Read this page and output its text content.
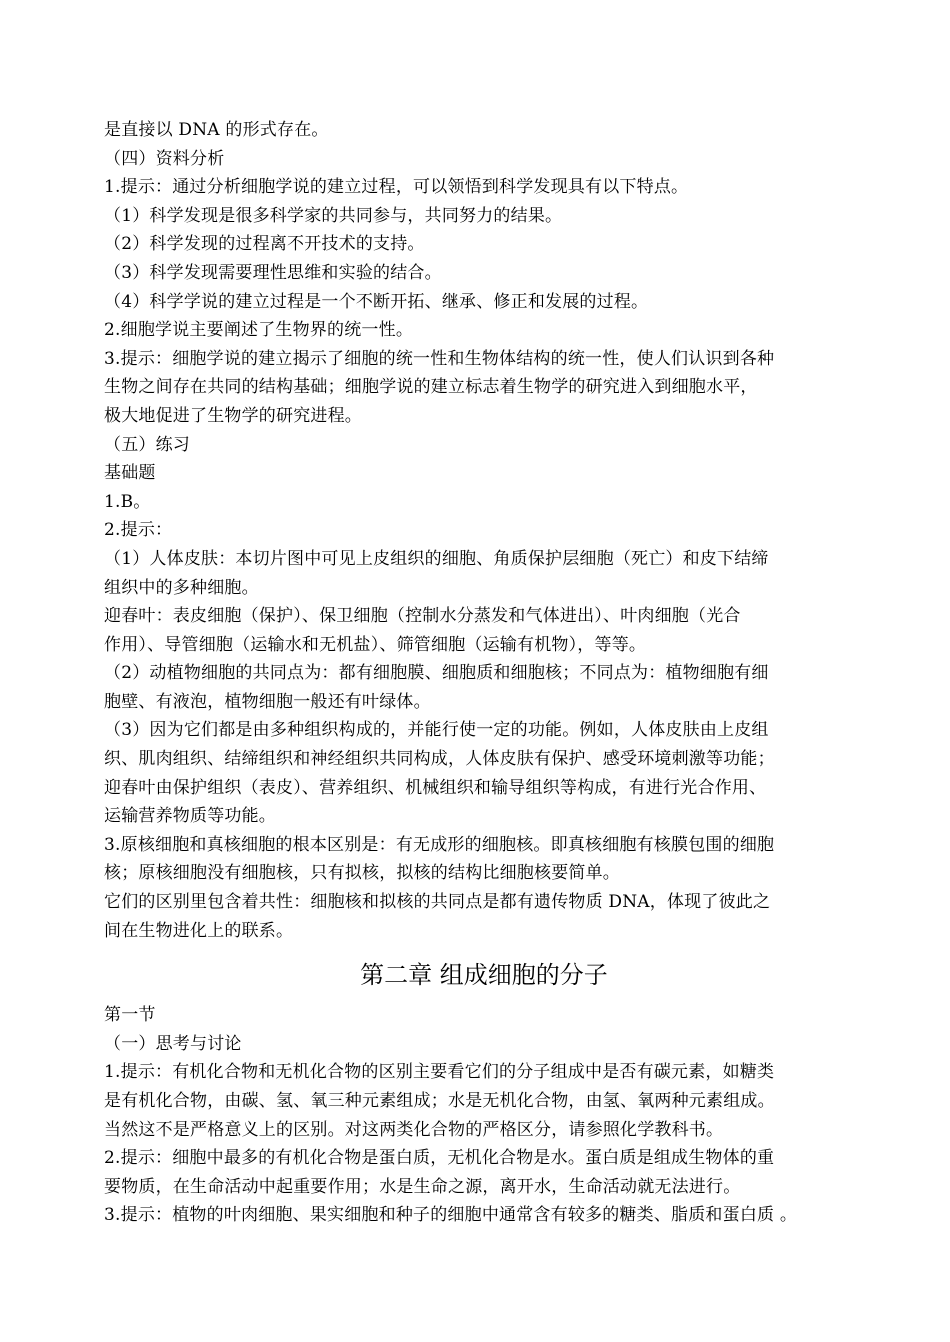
是直接以 DNA 的形式存在。
（四）资料分析
1.提示：通过分析细胞学说的建立过程，可以领悟到科学发现具有以下特点。
（1）科学发现是很多科学家的共同参与，共同努力的结果。
（2）科学发现的过程离不开技术的支持。
（3）科学发现需要理性思维和实验的结合。
（4）科学学说的建立过程是一个不断开拓、继承、修正和发展的过程。
2.细胞学说主要阐述了生物界的统一性。
3.提示：细胞学说的建立揭示了细胞的统一性和生物体结构的统一性，使人们认识到各种
生物之间存在共同的结构基础；细胞学说的建立标志着生物学的研究进入到细胞水平，
极大地促进了生物学的研究进程。
（五）练习
基础题
1.B。
2.提示：
（1）人体皮肤：本切片图中可见上皮组织的细胞、角质保护层细胞（死亡）和皮下结缔
组织中的多种细胞。
迎春叶：表皮细胞（保护）、保卫细胞（控制水分蒸发和气体进出）、叶肉细胞（光合
作用）、导管细胞（运输水和无机盐）、筛管细胞（运输有机物），等等。
（2）动植物细胞的共同点为：都有细胞膜、细胞质和细胞核；不同点为：植物细胞有细
胞壁、有液泡，植物细胞一般还有叶绿体。
（3）因为它们都是由多种组织构成的，并能行使一定的功能。例如，人体皮肤由上皮组
织、肌肉组织、结缔组织和神经组织共同构成，人体皮肤有保护、感受环境刺激等功能；
迎春叶由保护组织（表皮）、营养组织、机械组织和输导组织等构成，有进行光合作用、
运输营养物质等功能。
3.原核细胞和真核细胞的根本区别是：有无成形的细胞核。即真核细胞有核膜包围的细胞
核；原核细胞没有细胞核，只有拟核，拟核的结构比细胞核要简单。
它们的区别里包含着共性：细胞核和拟核的共同点是都有遗传物质 DNA，体现了彼此之
间在生物进化上的联系。
第二章 组成细胞的分子
第一节
（一）思考与讨论
1.提示：有机化合物和无机化合物的区别主要看它们的分子组成中是否有碳元素，如糖类
是有机化合物，由碳、氢、氧三种元素组成；水是无机化合物，由氢、氧两种元素组成。
当然这不是严格意义上的区别。对这两类化合物的严格区分，请参照化学教科书。
2.提示：细胞中最多的有机化合物是蛋白质，无机化合物是水。蛋白质是组成生物体的重
要物质，在生命活动中起重要作用；水是生命之源，离开水，生命活动就无法进行。
3.提示：植物的叶肉细胞、果实细胞和种子的细胞中通常含有较多的糖类、脂质和蛋白质 。
